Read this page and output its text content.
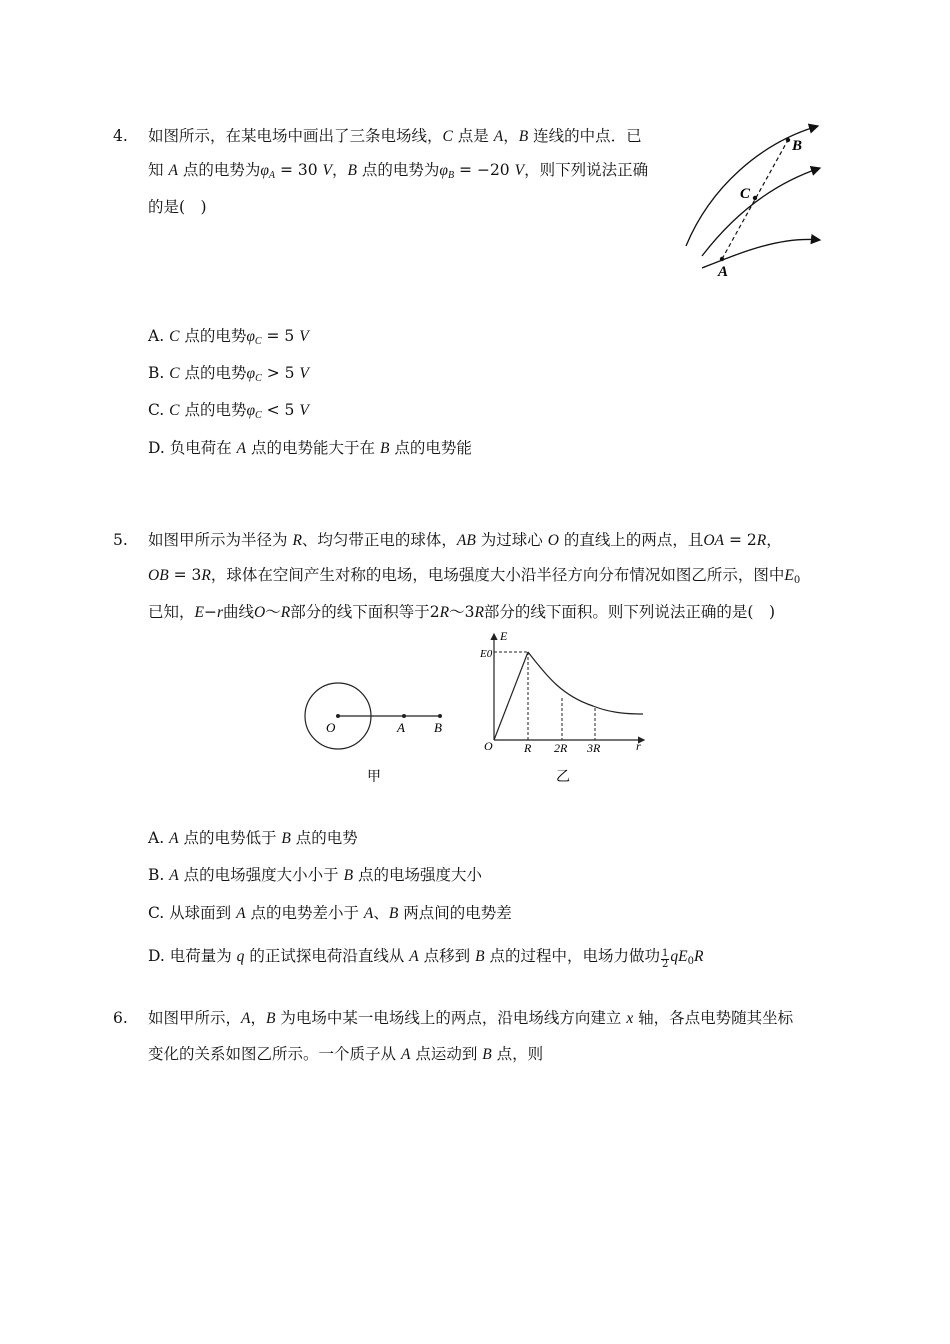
4. 如图所示，在某电场中画出了三条电场线，C 点是 A，B 连线的中点．已
知 A 点的电势为$\varphi_A = 30$ V，B 点的电势为$\varphi_B = -20$ V，则下列说法正确
的是(　)
B
C
A
A. C 点的电势$\varphi_C = 5$ V
B. C 点的电势$\varphi_C > 5$ V
C. C 点的电势$\varphi_C < 5$ V
D. 负电荷在 A 点的电势能大于在 B 点的电势能
5. 如图甲所示为半径为 R、均匀带正电的球体，AB 为过球心 O 的直线上的两点，且OA = 2R，
OB = 3R，球体在空间产生对称的电场，电场强度大小沿半径方向分布情况如图乙所示，图中$E_0$
已知，E−r曲线O～R部分的线下面积等于2R～3R部分的线下面积。则下列说法正确的是(　)
O	A B
甲
E
E0
O	R 2R 3R	r
乙
A. A 点的电势低于 B 点的电势
B. A 点的电场强度大小小于 B 点的电场强度大小
C. 从球面到 A 点的电势差小于 A、B 两点间的电势差
D. 电荷量为 q 的正试探电荷沿直线从 A 点移到 B 点的过程中，电场力做功 $\frac{1}{2} qE_0R$
6. 如图甲所示，A，B 为电场中某一电场线上的两点，沿电场线方向建立 x 轴，各点电势随其坐标
变化的关系如图乙所示。一个质子从 A 点运动到 B 点，则
